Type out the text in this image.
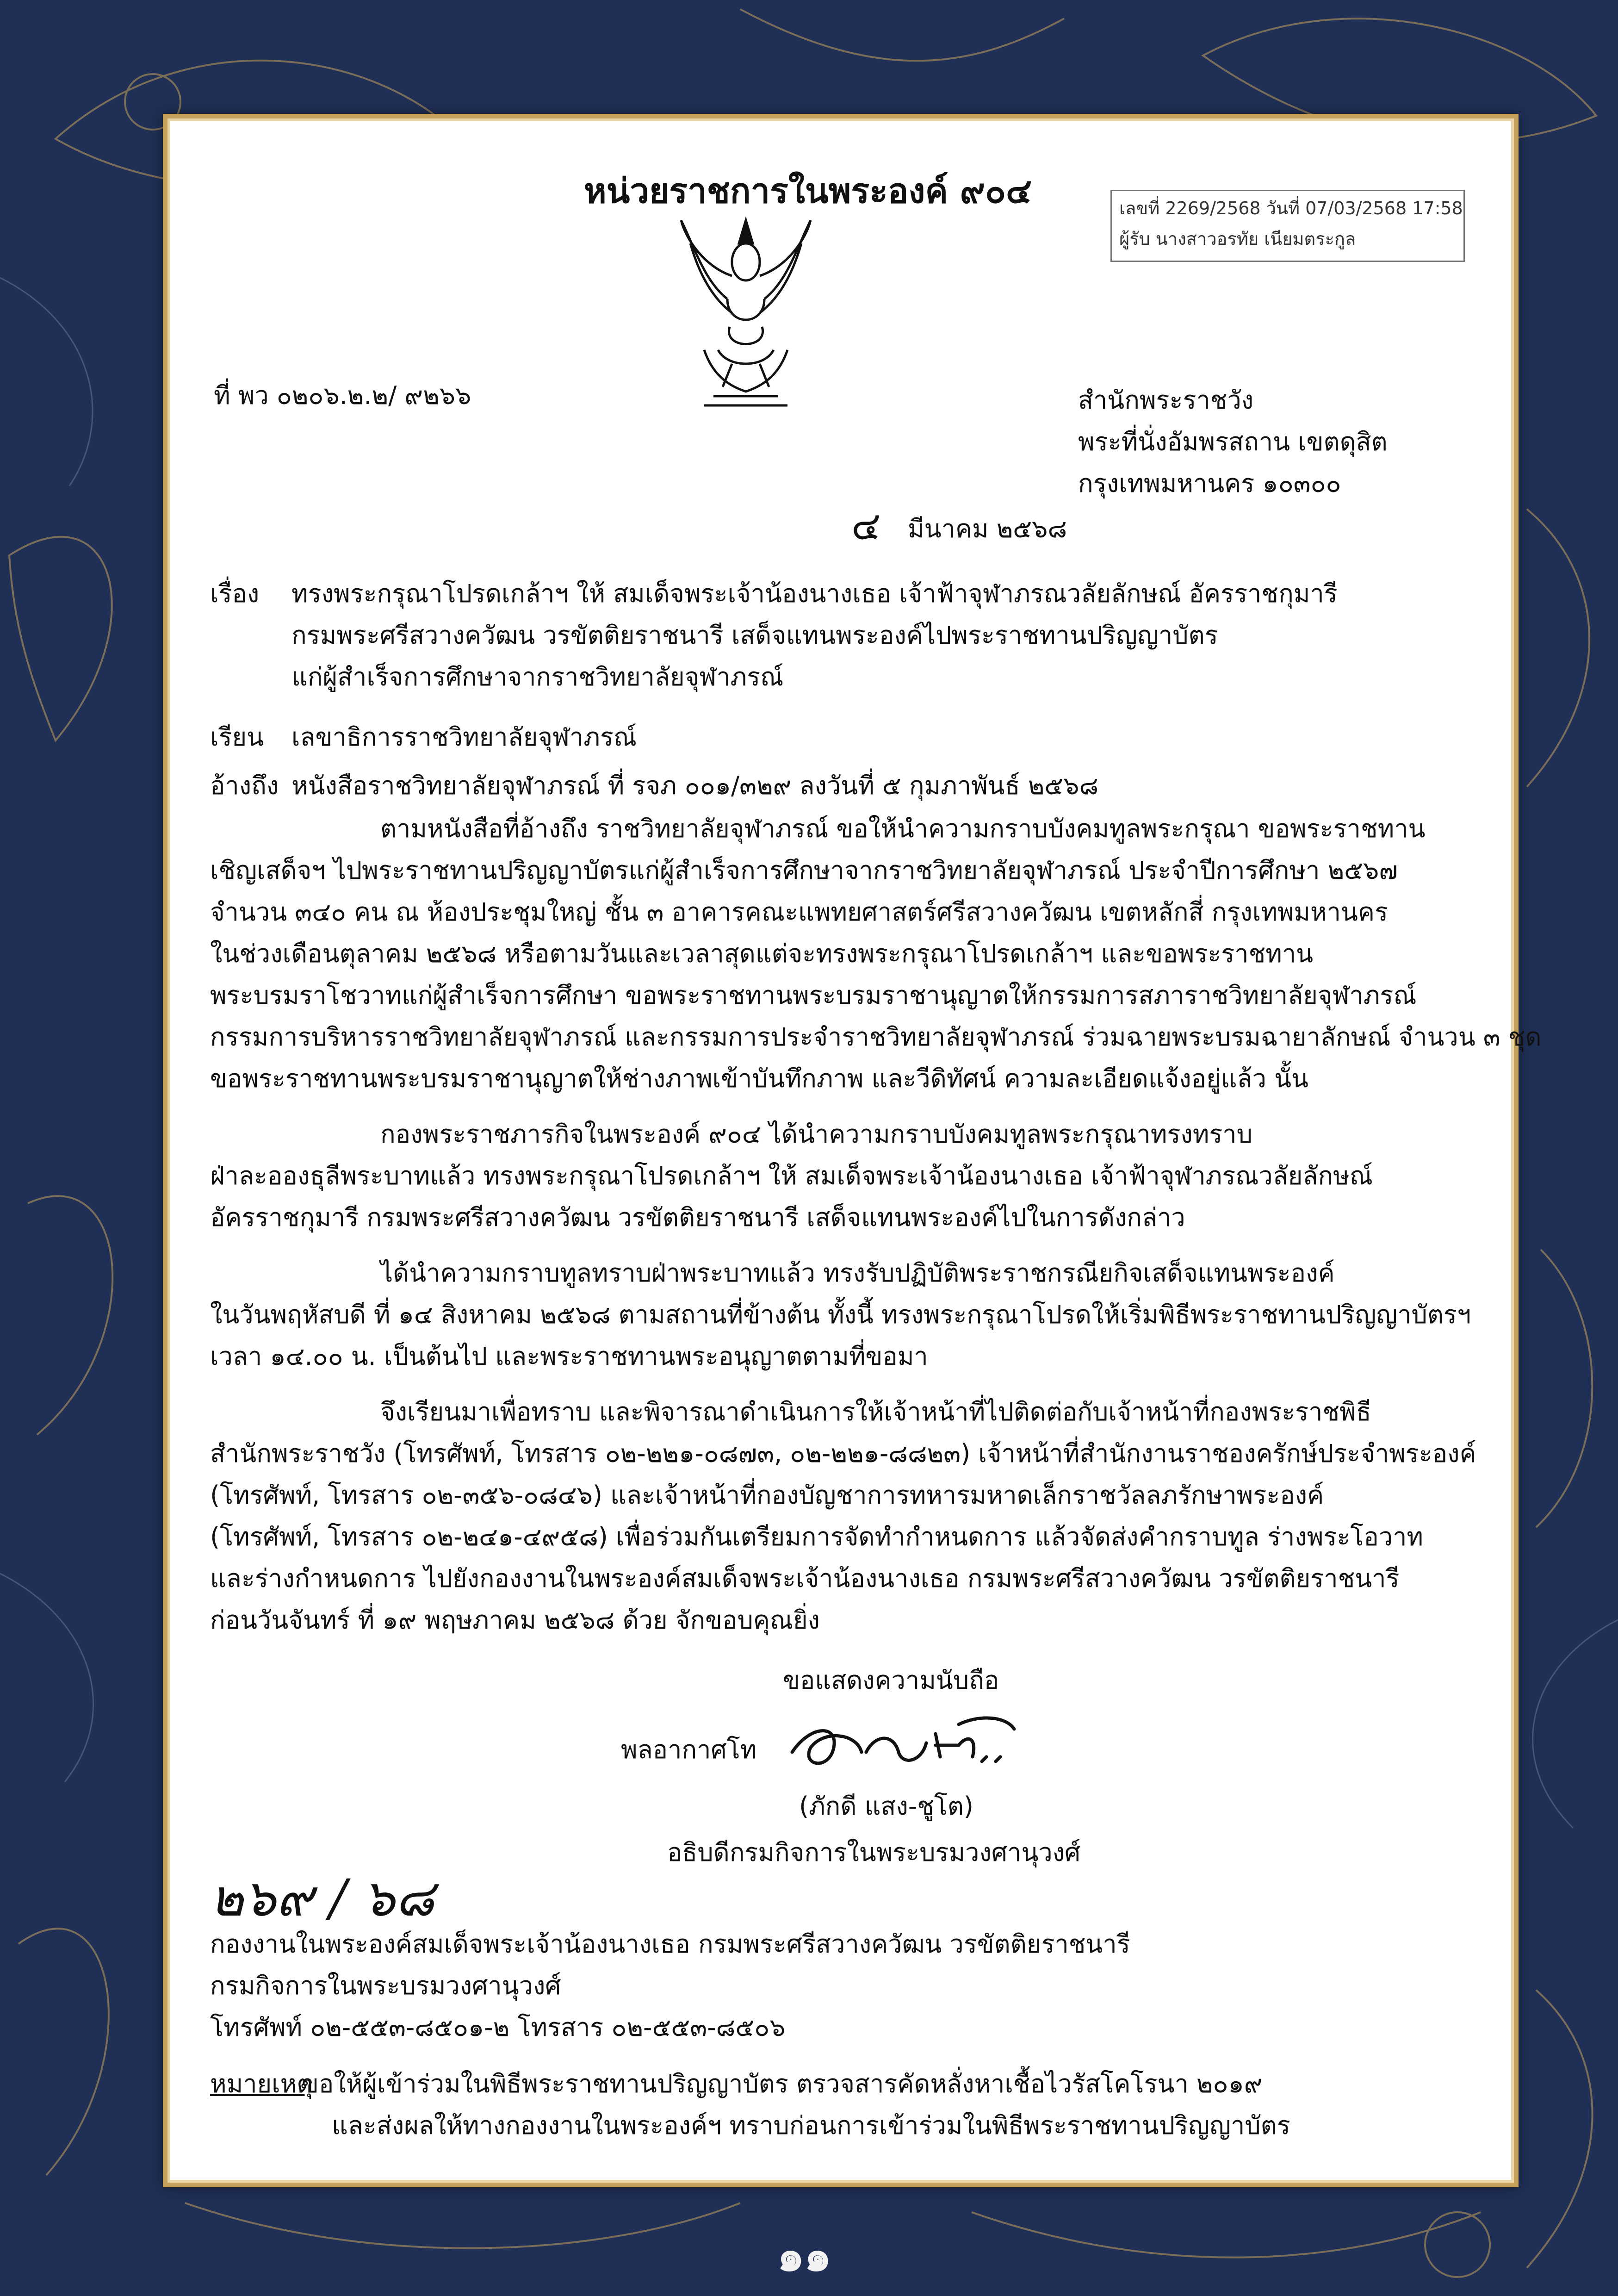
หน่วยราชการในพระองค์ ๙๐๔	เลขที่ 2269/2568 วันที่ 07/03/2568 17:58
ผู้รับ นางสาวอรทัย เนียมตระกูล
ที่ พว ๐๒๐๖.๒.๒/ ๙๒๖๖	สำนักพระราชวัง
พระที่นั่งอัมพรสถาน เขตดุสิต
กรุงเทพมหานคร ๑๐๓๐๐
๔ มีนาคม ๒๕๖๘
เรื่อง ทรงพระกรุณาโปรดเกล้าฯ ให้ สมเด็จพระเจ้าน้องนางเธอ เจ้าฟ้าจุฬาภรณวลัยลักษณ์ อัครราชกุมารี
กรมพระศรีสวางควัฒน วรขัตติยราชนารี เสด็จแทนพระองค์ไปพระราชทานปริญญาบัตร
แก่ผู้สำเร็จการศึกษาจากราชวิทยาลัยจุฬาภรณ์
เรียน เลขาธิการราชวิทยาลัยจุฬาภรณ์
อ้างถึง หนังสือราชวิทยาลัยจุฬาภรณ์ ที่ รจภ ๐๐๑/๓๒๙ ลงวันที่ ๕ กุมภาพันธ์ ๒๕๖๘
ตามหนังสือที่อ้างถึง ราชวิทยาลัยจุฬาภรณ์ ขอให้นำความกราบบังคมทูลพระกรุณา ขอพระราชทาน
เชิญเสด็จฯ ไปพระราชทานปริญญาบัตรแก่ผู้สำเร็จการศึกษาจากราชวิทยาลัยจุฬาภรณ์ ประจำปีการศึกษา ๒๕๖๗
จำนวน ๓๔๐ คน ณ ห้องประชุมใหญ่ ชั้น ๓ อาคารคณะแพทยศาสตร์ศรีสวางควัฒน เขตหลักสี่ กรุงเทพมหานคร
ในช่วงเดือนตุลาคม ๒๕๖๘ หรือตามวันและเวลาสุดแต่จะทรงพระกรุณาโปรดเกล้าฯ และขอพระราชทาน
พระบรมราโชวาทแก่ผู้สำเร็จการศึกษา ขอพระราชทานพระบรมราชานุญาตให้กรรมการสภาราชวิทยาลัยจุฬาภรณ์
กรรมการบริหารราชวิทยาลัยจุฬาภรณ์ และกรรมการประจำราชวิทยาลัยจุฬาภรณ์ ร่วมฉายพระบรมฉายาลักษณ์ จำนวน ๓ ชุด
ขอพระราชทานพระบรมราชานุญาตให้ช่างภาพเข้าบันทึกภาพ และวีดิทัศน์ ความละเอียดแจ้งอยู่แล้ว นั้น
กองพระราชภารกิจในพระองค์ ๙๐๔ ได้นำความกราบบังคมทูลพระกรุณาทรงทราบ
ฝ่าละอองธุลีพระบาทแล้ว ทรงพระกรุณาโปรดเกล้าฯ ให้ สมเด็จพระเจ้าน้องนางเธอ เจ้าฟ้าจุฬาภรณวลัยลักษณ์
อัครราชกุมารี กรมพระศรีสวางควัฒน วรขัตติยราชนารี เสด็จแทนพระองค์ไปในการดังกล่าว
ได้นำความกราบทูลทราบฝ่าพระบาทแล้ว ทรงรับปฏิบัติพระราชกรณียกิจเสด็จแทนพระองค์
ในวันพฤหัสบดี ที่ ๑๔ สิงหาคม ๒๕๖๘ ตามสถานที่ข้างต้น ทั้งนี้ ทรงพระกรุณาโปรดให้เริ่มพิธีพระราชทานปริญญาบัตรฯ
เวลา ๑๔.๐๐ น. เป็นต้นไป และพระราชทานพระอนุญาตตามที่ขอมา
จึงเรียนมาเพื่อทราบ และพิจารณาดำเนินการให้เจ้าหน้าที่ไปติดต่อกับเจ้าหน้าที่กองพระราชพิธี
สำนักพระราชวัง (โทรศัพท์, โทรสาร ๐๒-๒๒๑-๐๘๗๓, ๐๒-๒๒๑-๘๘๒๓) เจ้าหน้าที่สำนักงานราชองครักษ์ประจำพระองค์
(โทรศัพท์, โทรสาร ๐๒-๓๕๖-๐๘๔๖) และเจ้าหน้าที่กองบัญชาการทหารมหาดเล็กราชวัลลภรักษาพระองค์
(โทรศัพท์, โทรสาร ๐๒-๒๔๑-๔๙๕๘) เพื่อร่วมกันเตรียมการจัดทำกำหนดการ แล้วจัดส่งคำกราบทูล ร่างพระโอวาท
และร่างกำหนดการ ไปยังกองงานในพระองค์สมเด็จพระเจ้าน้องนางเธอ กรมพระศรีสวางควัฒน วรขัตติยราชนารี
ก่อนวันจันทร์ ที่ ๑๙ พฤษภาคม ๒๕๖๘ ด้วย จักขอบคุณยิ่ง
ขอแสดงความนับถือ
พลอากาศโท
(ภักดี แสง-ชูโต)
อธิบดีกรมกิจการในพระบรมวงศานุวงศ์
๒๖๙ / ๖๘
กองงานในพระองค์สมเด็จพระเจ้าน้องนางเธอ กรมพระศรีสวางควัฒน วรขัตติยราชนารี
กรมกิจการในพระบรมวงศานุวงศ์
โทรศัพท์ ๐๒-๕๕๓-๘๕๐๑-๒ โทรสาร ๐๒-๕๕๓-๘๕๐๖
หมายเหตุ
ขอให้ผู้เข้าร่วมในพิธีพระราชทานปริญญาบัตร ตรวจสารคัดหลั่งหาเชื้อไวรัสโคโรนา ๒๐๑๙
และส่งผลให้ทางกองงานในพระองค์ฯ ทราบก่อนการเข้าร่วมในพิธีพระราชทานปริญญาบัตร
๑๑
